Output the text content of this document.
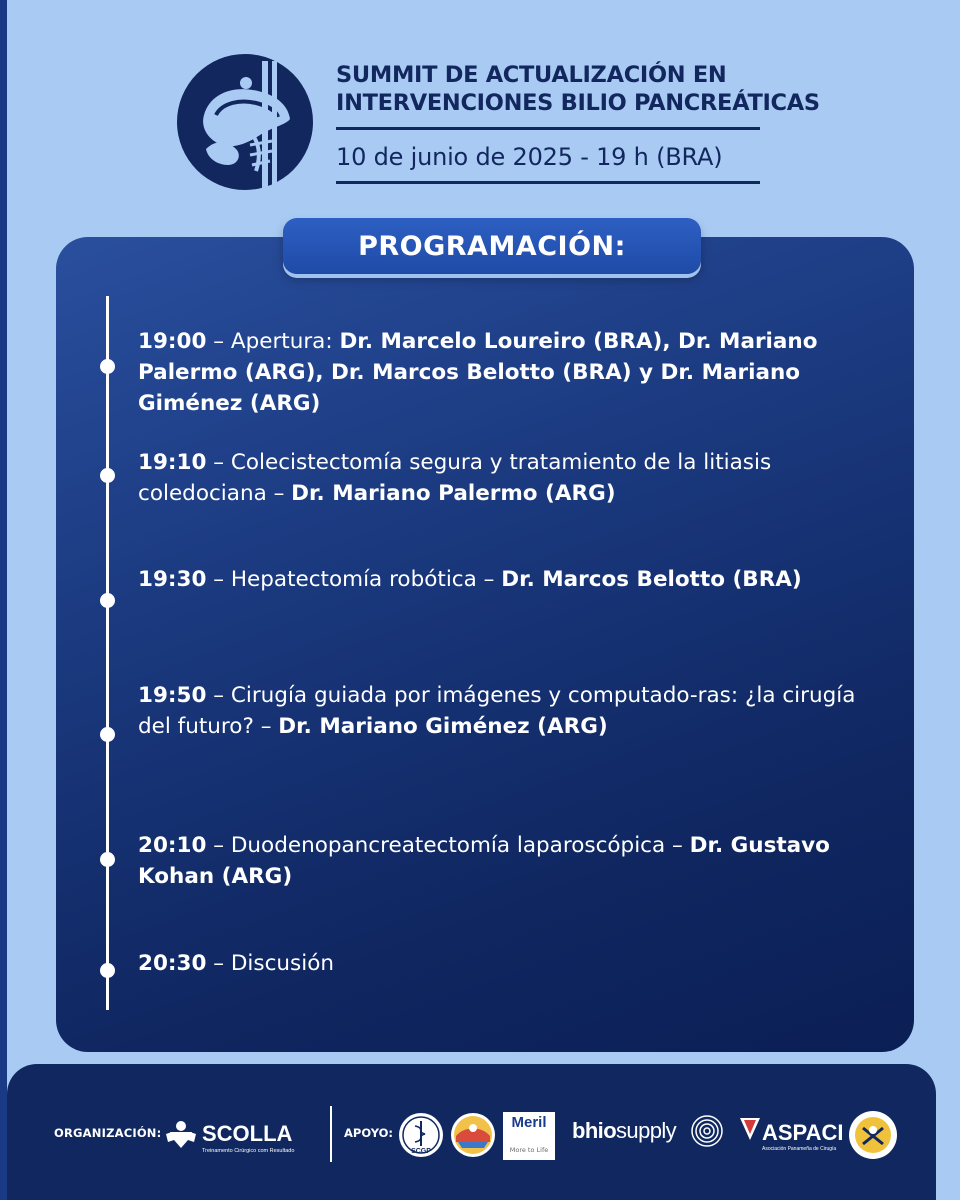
SUMMIT DE ACTUALIZACIÓN EN
INTERVENCIONES BILIO PANCREÁTICAS
10 de junio de 2025 - 19 h (BRA)
PROGRAMACIÓN:
19:00 – Apertura: Dr. Marcelo Loureiro (BRA), Dr. Mariano Palermo (ARG), Dr. Marcos Belotto (BRA) y Dr. Mariano Giménez (ARG)
19:10 – Colecistectomía segura y tratamiento de la litiasis coledociana – Dr. Mariano Palermo (ARG)
19:30 – Hepatectomía robótica – Dr. Marcos Belotto (BRA)
19:50 – Cirugía guiada por imágenes y computado-ras: ¿la cirugía del futuro? – Dr. Mariano Giménez (ARG)
20:10 – Duodenopancreatectomía laparoscópica – Dr. Gustavo Kohan (ARG)
20:30 – Discusión
ORGANIZACIÓN: SCOLLA
Treinamento Cirúrgico com Resultado
APOYO:
SCGP
Meril
More to Life
bhiosupply	ASPACI
Asociación Panameña de Cirugía
